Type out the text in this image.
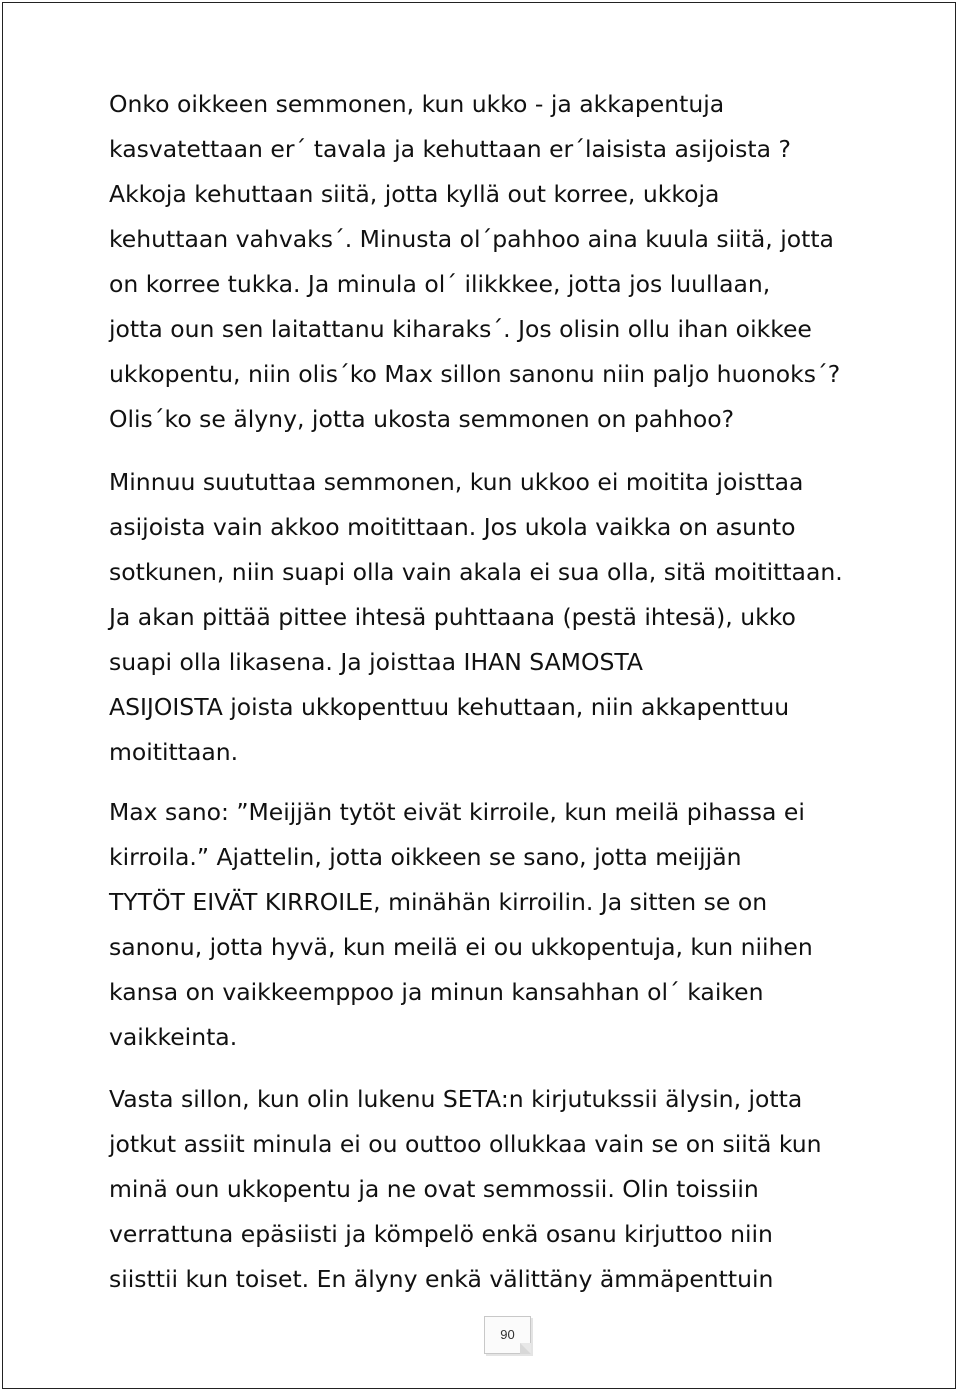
Onko oikkeen semmonen, kun ukko - ja akkapentuja
kasvatettaan er´ tavala ja kehuttaan er´laisista asijoista ?
Akkoja kehuttaan siitä, jotta kyllä out korree, ukkoja
kehuttaan vahvaks´. Minusta ol´pahhoo aina kuula siitä, jotta
on korree tukka. Ja minula ol´ ilikkkee, jotta jos luullaan,
jotta oun sen laitattanu kiharaks´. Jos olisin ollu ihan oikkee
ukkopentu, niin olis´ko Max sillon sanonu niin paljo huonoks´?
Olis´ko se älyny, jotta ukosta semmonen on pahhoo?
Minnuu suututtaa semmonen, kun ukkoo ei moitita joisttaa
asijoista vain akkoo moitittaan. Jos ukola vaikka on asunto
sotkunen, niin suapi olla vain akala ei sua olla, sitä moitittaan.
Ja akan pittää pittee ihtesä puhttaana (pestä ihtesä), ukko
suapi olla likasena. Ja joisttaa IHAN SAMOSTA
ASIJOISTA joista ukkopenttuu kehuttaan, niin akkapenttuu
moitittaan.
Max sano: ”Meijjän tytöt eivät kirroile, kun meilä pihassa ei
kirroila.” Ajattelin, jotta oikkeen se sano, jotta meijjän
TYTÖT EIVÄT KIRROILE, minähän kirroilin. Ja sitten se on
sanonu, jotta hyvä, kun meilä ei ou ukkopentuja, kun niihen
kansa on vaikkeemppoo ja minun kansahhan ol´ kaiken
vaikkeinta.
Vasta sillon, kun olin lukenu SETA:n kirjutukssii älysin, jotta
jotkut assiit minula ei ou outtoo ollukkaa vain se on siitä kun
minä oun ukkopentu ja ne ovat semmossii. Olin toissiin
verrattuna epäsiisti ja kömpelö enkä osanu kirjuttoo niin
siisttii kun toiset. En älyny enkä välittäny ämmäpenttuin
90
